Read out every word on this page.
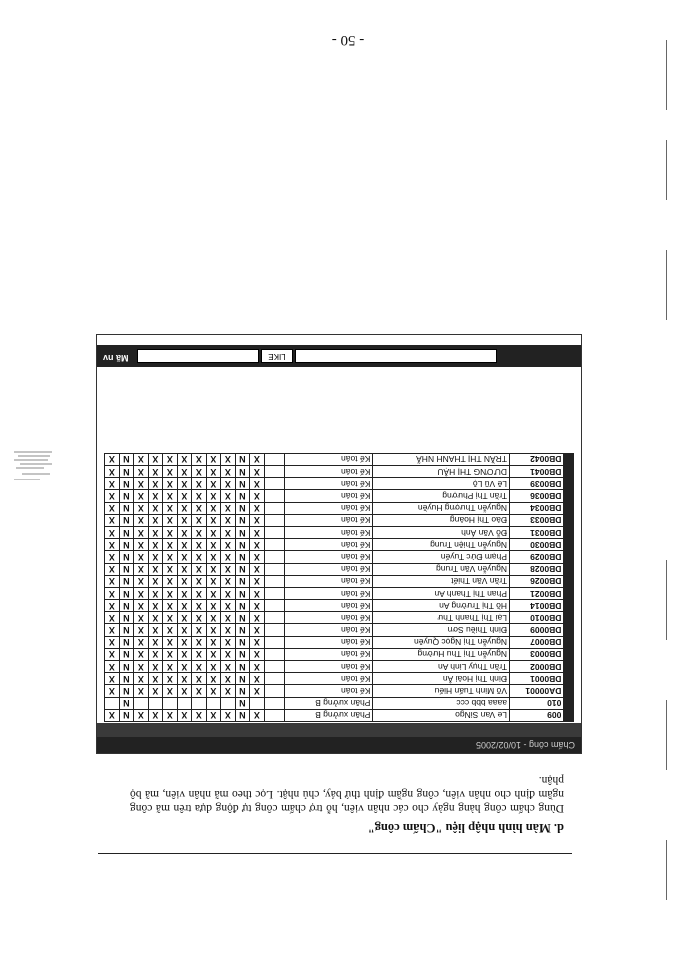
- 50 -
Chấm công - 10/02/2005
	009	Le Van SiNgo	Phân xưởng B		X	N	X	X	X	X	X	X	X	N	X
	010	aaaa bbb ccc	Phân xưởng B			N								N	
	DA00001	Võ Minh Tuấn Hiếu	Kế toán		X	N	X	X	X	X	X	X	X	N	X
	DB0001	Đinh Thị Hoài Ân	Kế toán		X	N	X	X	X	X	X	X	X	N	X
	DB0002	Trần Thụy Linh An	Kế toán		X	N	X	X	X	X	X	X	X	N	X
	DB0003	Nguyễn Thị Thu Hường	Kế toán		X	N	X	X	X	X	X	X	X	N	X
	DB0007	Nguyễn Thị Ngọc Quyên	Kế toán		X	N	X	X	X	X	X	X	X	N	X
	DB0009	Đinh Thiều Sơn	Kế toán		X	N	X	X	X	X	X	X	X	N	X
	DB0010	Lại Thị Thanh Thư	Kế toán		X	N	X	X	X	X	X	X	X	N	X
	DB0014	Hồ Thị Trường An	Kế toán		X	N	X	X	X	X	X	X	X	N	X
	DB0021	Phan Thị Thanh An	Kế toán		X	N	X	X	X	X	X	X	X	N	X
	DB0026	Trần Văn Thiết	Kế toán		X	N	X	X	X	X	X	X	X	N	X
	DB0028	Nguyễn Văn Trung	Kế toán		X	N	X	X	X	X	X	X	X	N	X
	DB0029	Phạm Đức Tuyến	Kế toán		X	N	X	X	X	X	X	X	X	N	X
	DB0030	Nguyễn Thiện Trung	Kế toán		X	N	X	X	X	X	X	X	X	N	X
	DB0031	Đỗ Văn Ánh	Kế toán		X	N	X	X	X	X	X	X	X	N	X
	DB0033	Đào Thị Hoàng	Kế toán		X	N	X	X	X	X	X	X	X	N	X
	DB0034	Nguyễn Thượng Huyền	Kế toán		X	N	X	X	X	X	X	X	X	N	X
	DB0036	Trần Thị Phượng	Kế toán		X	N	X	X	X	X	X	X	X	N	X
	DB0039	Lê Vũ Lộ	Kế toán		X	N	X	X	X	X	X	X	X	N	X
	DB0041	DƯƠNG THỊ HẬU	Kế toán		X	N	X	X	X	X	X	X	X	N	X
	DB0042	TRẦN THỊ THANH NHÃ	Kế toán		X	N	X	X	X	X	X	X	X	N	X
Mã nv	LIKE
d. Màn hình nhập liệu "Chấm công"
Dùng chấm công hàng ngày cho các nhân viên, hỗ trợ chấm công tự động dựa trên mã công ngầm định cho nhân viên, công ngầm định thứ bảy, chủ nhật. Lọc theo mã nhân viên, mã bộ phận.
